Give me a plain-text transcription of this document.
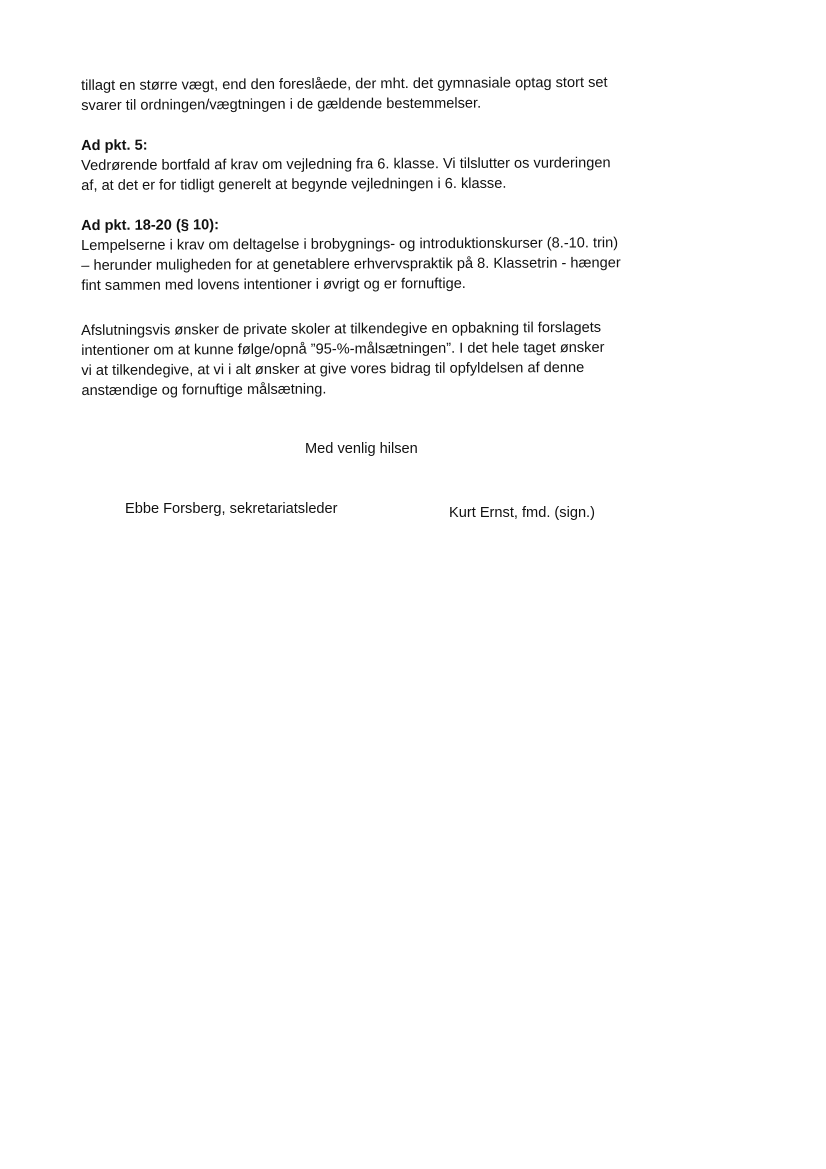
tillagt en større vægt, end den foreslåede, der mht. det gymnasiale optag stort set
svarer til ordningen/vægtningen i de gældende bestemmelser.
Ad pkt. 5:
Vedrørende bortfald af krav om vejledning fra 6. klasse. Vi tilslutter os vurderingen
af, at det er for tidligt generelt at begynde vejledningen i 6. klasse.
Ad pkt. 18-20 (§ 10):
Lempelserne i krav om deltagelse i brobygnings- og introduktionskurser (8.-10. trin)
– herunder muligheden for at genetablere erhvervspraktik på 8. Klassetrin - hænger
fint sammen med lovens intentioner i øvrigt og er fornuftige.
Afslutningsvis ønsker de private skoler at tilkendegive en opbakning til forslagets
intentioner om at kunne følge/opnå ”95-%-målsætningen”. I det hele taget ønsker
vi at tilkendegive, at vi i alt ønsker at give vores bidrag til opfyldelsen af denne
anstændige og fornuftige målsætning.
Med venlig hilsen
Ebbe Forsberg, sekretariatsleder	Kurt Ernst, fmd. (sign.)
